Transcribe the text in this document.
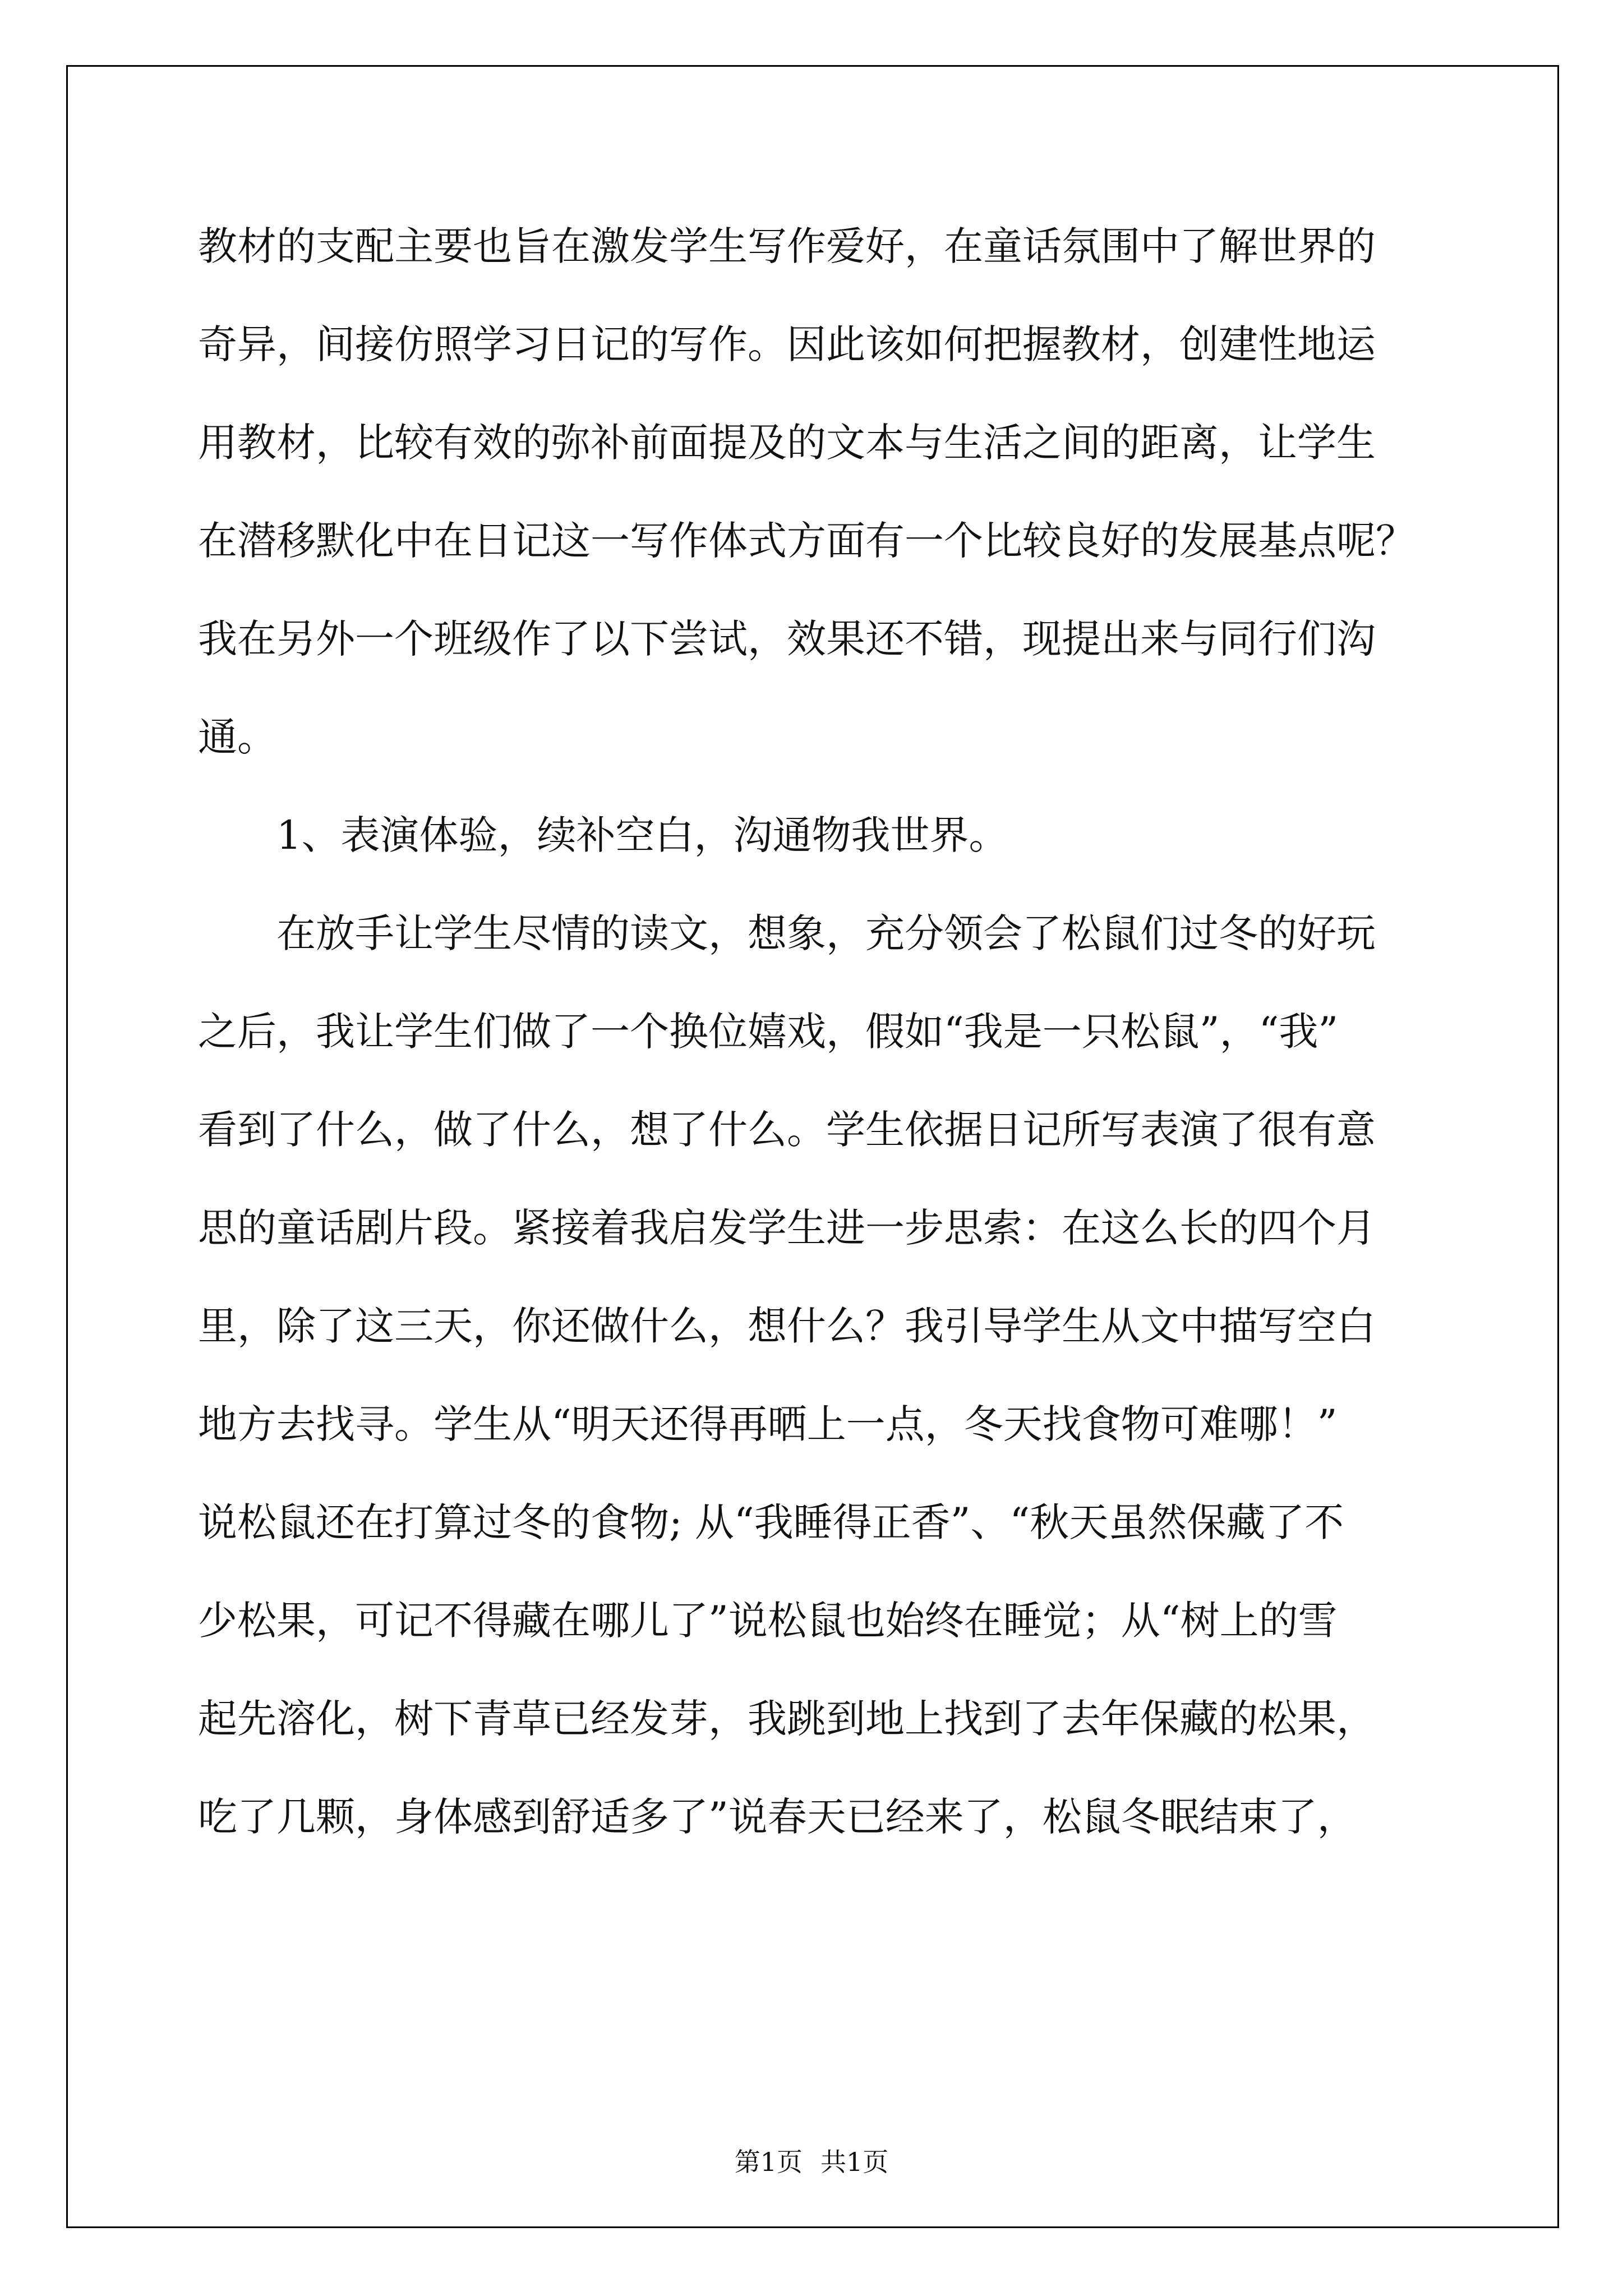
教材的支配主要也旨在激发学生写作爱好，在童话氛围中了解世界的
奇异，间接仿照学习日记的写作。因此该如何把握教材，创建性地运
用教材，比较有效的弥补前面提及的文本与生活之间的距离，让学生
在潜移默化中在日记这一写作体式方面有一个比较良好的发展基点呢？
我在另外一个班级作了以下尝试，效果还不错，现提出来与同行们沟
通。
1、表演体验，续补空白，沟通物我世界。
在放手让学生尽情的读文，想象，充分领会了松鼠们过冬的好玩
之后，我让学生们做了一个换位嬉戏，假如“我是一只松鼠”，“我”
看到了什么，做了什么，想了什么。学生依据日记所写表演了很有意
思的童话剧片段。紧接着我启发学生进一步思索：在这么长的四个月
里，除了这三天，你还做什么，想什么？我引导学生从文中描写空白
地方去找寻。学生从“明天还得再晒上一点，冬天找食物可难哪！”
说松鼠还在打算过冬的食物; 从“我睡得正香”、“秋天虽然保藏了不
少松果，可记不得藏在哪儿了”说松鼠也始终在睡觉；从“树上的雪
起先溶化，树下青草已经发芽，我跳到地上找到了去年保藏的松果，
吃了几颗，身体感到舒适多了”说春天已经来了，松鼠冬眠结束了，
第1页 共1页
